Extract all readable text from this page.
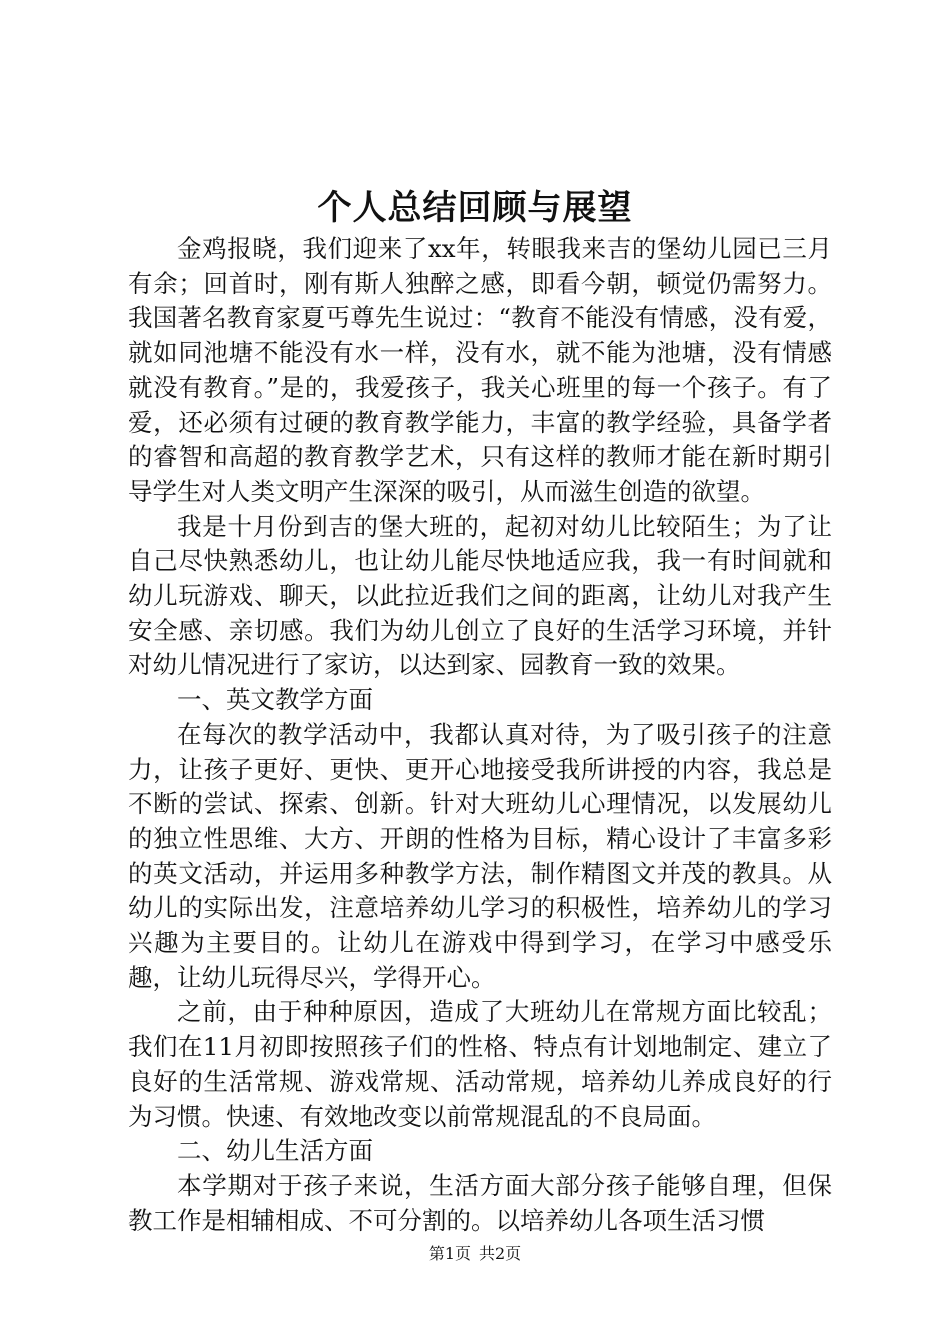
个人总结回顾与展望

金鸡报晓，我们迎来了xx年，转眼我来吉的堡幼儿园已三月有余；回首时，刚有斯人独醉之感，即看今朝，顿觉仍需努力。我国著名教育家夏丐尊先生说过：“教育不能没有情感，没有爱，就如同池塘不能没有水一样，没有水，就不能为池塘，没有情感就没有教育。”是的，我爱孩子，我关心班里的每一个孩子。有了爱，还必须有过硬的教育教学能力，丰富的教学经验，具备学者的睿智和高超的教育教学艺术，只有这样的教师才能在新时期引导学生对人类文明产生深深的吸引，从而滋生创造的欲望。

我是十月份到吉的堡大班的，起初对幼儿比较陌生；为了让自己尽快熟悉幼儿，也让幼儿能尽快地适应我，我一有时间就和幼儿玩游戏、聊天，以此拉近我们之间的距离，让幼儿对我产生安全感、亲切感。我们为幼儿创立了良好的生活学习环境，并针对幼儿情况进行了家访，以达到家、园教育一致的效果。

一、英文教学方面

在每次的教学活动中，我都认真对待，为了吸引孩子的注意力，让孩子更好、更快、更开心地接受我所讲授的内容，我总是不断的尝试、探索、创新。针对大班幼儿心理情况，以发展幼儿的独立性思维、大方、开朗的性格为目标，精心设计了丰富多彩的英文活动，并运用多种教学方法，制作精图文并茂的教具。从幼儿的实际出发，注意培养幼儿学习的积极性，培养幼儿的学习兴趣为主要目的。让幼儿在游戏中得到学习，在学习中感受乐趣，让幼儿玩得尽兴，学得开心。

之前，由于种种原因，造成了大班幼儿在常规方面比较乱；我们在11月初即按照孩子们的性格、特点有计划地制定、建立了良好的生活常规、游戏常规、活动常规，培养幼儿养成良好的行为习惯。快速、有效地改变以前常规混乱的不良局面。

二、幼儿生活方面

本学期对于孩子来说，生活方面大部分孩子能够自理，但保教工作是相辅相成、不可分割的。以培养幼儿各项生活习惯

第1页 共2页
